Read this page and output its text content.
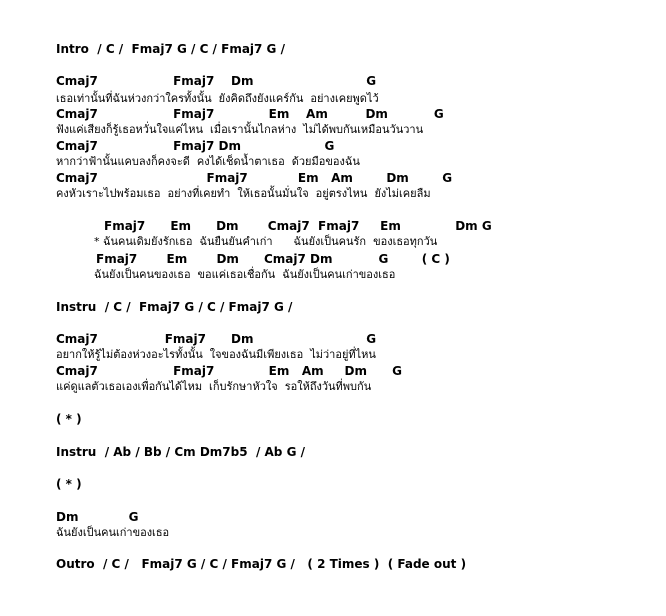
Intro  / C /  Fmaj7 G / C / Fmaj7 G /
Cmaj7                  Fmaj7    Dm                           G
เธอเท่านั้นที่ฉันห่วงกว่าใครทั้งนั้น  ยังคิดถึงยังแคร์กัน  อย่างเคยพูดไว้
Cmaj7                  Fmaj7             Em    Am         Dm           G
ฟังแค่เสียงก็รู้เธอหวั่นใจแค่ไหน  เมื่อเรานั้นไกลห่าง  ไม่ได้พบกันเหมือนวันวาน
Cmaj7                  Fmaj7 Dm                    G
หากว่าฟ้านั้นแคบลงก็คงจะดี  คงได้เช็ดน้ำตาเธอ  ด้วยมือของฉัน
Cmaj7                          Fmaj7            Em   Am        Dm        G
คงหัวเราะไปพร้อมเธอ  อย่างที่เคยทำ  ให้เธอนั้นมั่นใจ  อยู่ตรงไหน  ยังไม่เคยลืม
Fmaj7      Em      Dm       Cmaj7  Fmaj7     Em             Dm G
* ฉันคนเดิมยังรักเธอ  ฉันยืนยันคำเก่า      ฉันยังเป็นคนรัก  ของเธอทุกวัน
Fmaj7       Em       Dm      Cmaj7 Dm           G        ( C )
ฉันยังเป็นคนของเธอ  ขอแค่เธอเชื่อกัน  ฉันยังเป็นคนเก่าของเธอ
Instru  / C /  Fmaj7 G / C / Fmaj7 G /
Cmaj7                Fmaj7      Dm                           G
อยากให้รู้ไม่ต้องห่วงอะไรทั้งนั้น  ใจของฉันมีเพียงเธอ  ไม่ว่าอยู่ที่ไหน
Cmaj7                  Fmaj7             Em   Am     Dm      G
แค่ดูแลตัวเธอเองเพื่อกันได้ไหม  เก็บรักษาหัวใจ  รอให้ถึงวันที่พบกัน
( * )
Instru  / Ab / Bb / Cm Dm7b5  / Ab G /
( * )
Dm            G
ฉันยังเป็นคนเก่าของเธอ
Outro  / C /   Fmaj7 G / C / Fmaj7 G /   ( 2 Times )  ( Fade out )
